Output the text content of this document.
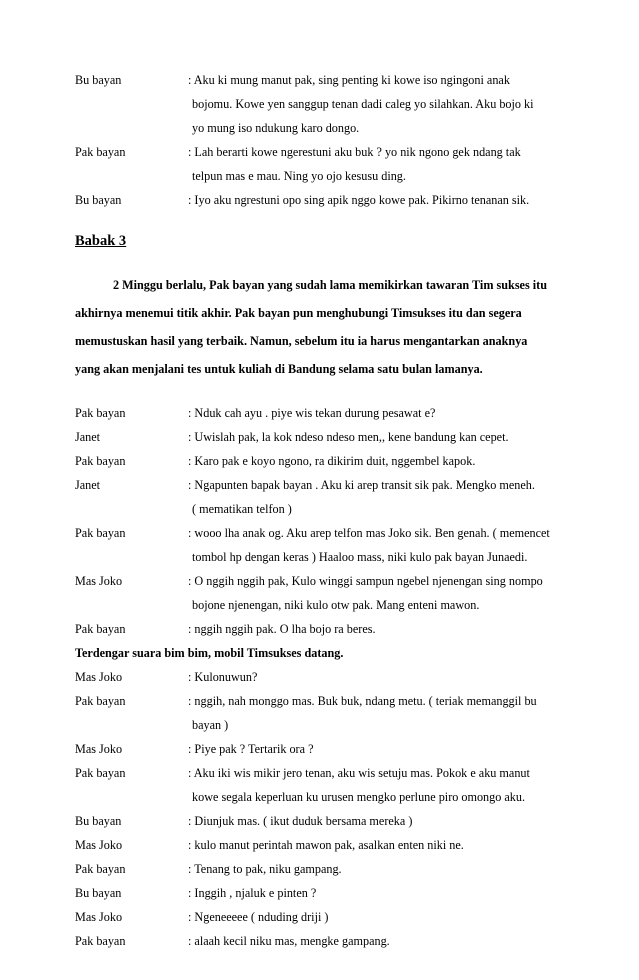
Bu bayan	: Aku ki mung manut pak, sing penting ki kowe iso ngingoni anak
bojomu. Kowe yen sanggup tenan dadi caleg yo silahkan. Aku bojo ki
yo mung iso ndukung karo dongo.
Pak bayan	: Lah berarti kowe ngerestuni aku buk ? yo nik ngono gek ndang tak
telpun mas e mau. Ning yo ojo kesusu ding.
Bu bayan	: Iyo aku ngrestuni opo sing apik nggo kowe pak. Pikirno tenanan sik.
Babak 3
2 Minggu berlalu, Pak bayan yang sudah lama memikirkan tawaran Tim sukses itu
akhirnya menemui titik akhir. Pak bayan pun menghubungi Timsukses itu dan segera
memustuskan hasil yang terbaik. Namun, sebelum itu ia harus mengantarkan anaknya
yang akan menjalani tes untuk kuliah di Bandung selama satu bulan lamanya.
Pak bayan	: Nduk cah ayu . piye wis tekan durung pesawat e?
Janet	: Uwislah pak, la kok ndeso ndeso men,, kene bandung kan cepet.
Pak bayan	: Karo pak e koyo ngono, ra dikirim duit, nggembel kapok.
Janet	: Ngapunten bapak bayan . Aku ki arep transit sik pak. Mengko meneh.
( mematikan telfon )
Pak bayan	: wooo lha anak og. Aku arep telfon mas Joko sik. Ben genah. ( memencet
tombol hp dengan keras ) Haaloo mass, niki kulo pak bayan Junaedi.
Mas Joko	: O nggih nggih pak, Kulo winggi sampun ngebel njenengan sing nompo
bojone njenengan, niki kulo otw pak. Mang enteni mawon.
Pak bayan	: nggih nggih pak. O lha bojo ra beres.
Terdengar suara bim bim, mobil Timsukses datang.
Mas Joko	: Kulonuwun?
Pak bayan	: nggih, nah monggo mas. Buk buk, ndang metu. ( teriak memanggil bu
bayan )
Mas Joko	: Piye pak ? Tertarik ora ?
Pak bayan	: Aku iki wis mikir jero tenan, aku wis setuju mas. Pokok e aku manut
kowe segala keperluan ku urusen mengko perlune piro omongo aku.
Bu bayan	: Diunjuk mas. ( ikut duduk bersama mereka )
Mas Joko	: kulo manut perintah mawon pak, asalkan enten niki ne.
Pak bayan	: Tenang to pak, niku gampang.
Bu bayan	: Inggih , njaluk e pinten ?
Mas Joko	: Ngeneeeee ( nduding driji )
Pak bayan	: alaah kecil niku mas, mengke gampang.
